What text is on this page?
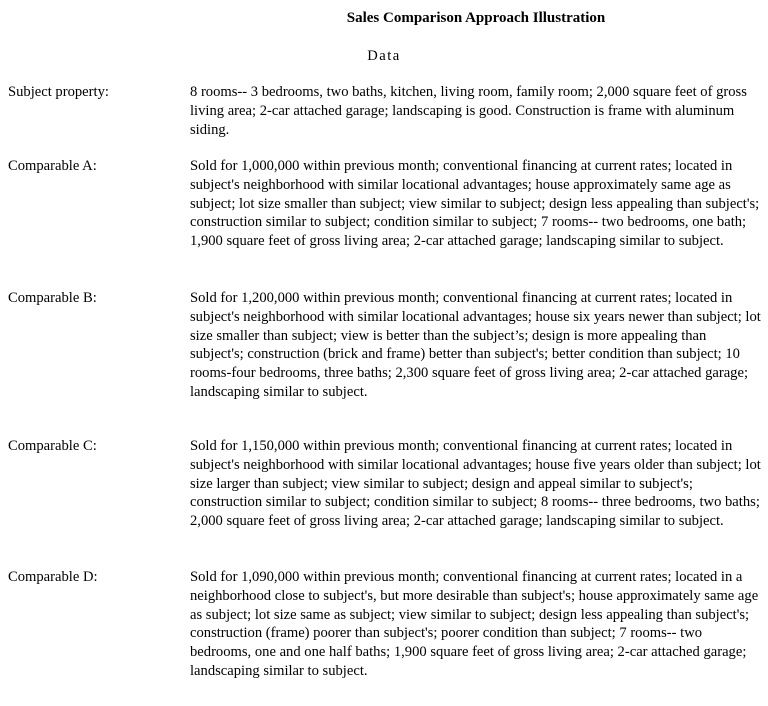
Sales Comparison Approach Illustration
Data
Subject property:	8 rooms-- 3 bedrooms, two baths, kitchen, living room, family room; 2,000 square feet of gross living area; 2-car attached garage; landscaping is good. Construction is frame with aluminum siding.
Comparable A:	Sold for 1,000,000 within previous month; conventional financing at current rates; located in subject's neighborhood with similar locational advantages; house approximately same age as subject; lot size smaller than subject; view similar to subject; design less appealing than subject's; construction similar to subject; condition similar to subject; 7 rooms-- two bedrooms, one bath; 1,900 square feet of gross living area; 2-car attached garage; landscaping similar to subject.
Comparable B:	Sold for 1,200,000 within previous month; conventional financing at current rates; located in subject's neighborhood with similar locational advantages; house six years newer than subject; lot size smaller than subject; view is better than the subject’s; design is more appealing than subject's; construction (brick and frame) better than subject's; better condition than subject; 10 rooms-four bedrooms, three baths; 2,300 square feet of gross living area; 2-car attached garage; landscaping similar to subject.
Comparable C:	Sold for 1,150,000 within previous month; conventional financing at current rates; located in subject's neighborhood with similar locational advantages; house five years older than subject; lot size larger than subject; view similar to subject; design and appeal similar to subject's; construction similar to subject; condition similar to subject; 8 rooms-- three bedrooms, two baths; 2,000 square feet of gross living area; 2-car attached garage; landscaping similar to subject.
Comparable D:	Sold for 1,090,000 within previous month; conventional financing at current rates; located in a neighborhood close to subject's, but more desirable than subject's; house approximately same age as subject; lot size same as subject; view similar to subject; design less appealing than subject's; construction (frame) poorer than subject's; poorer condition than subject; 7 rooms-- two bedrooms, one and one half baths; 1,900 square feet of gross living area; 2-car attached garage; landscaping similar to subject.
